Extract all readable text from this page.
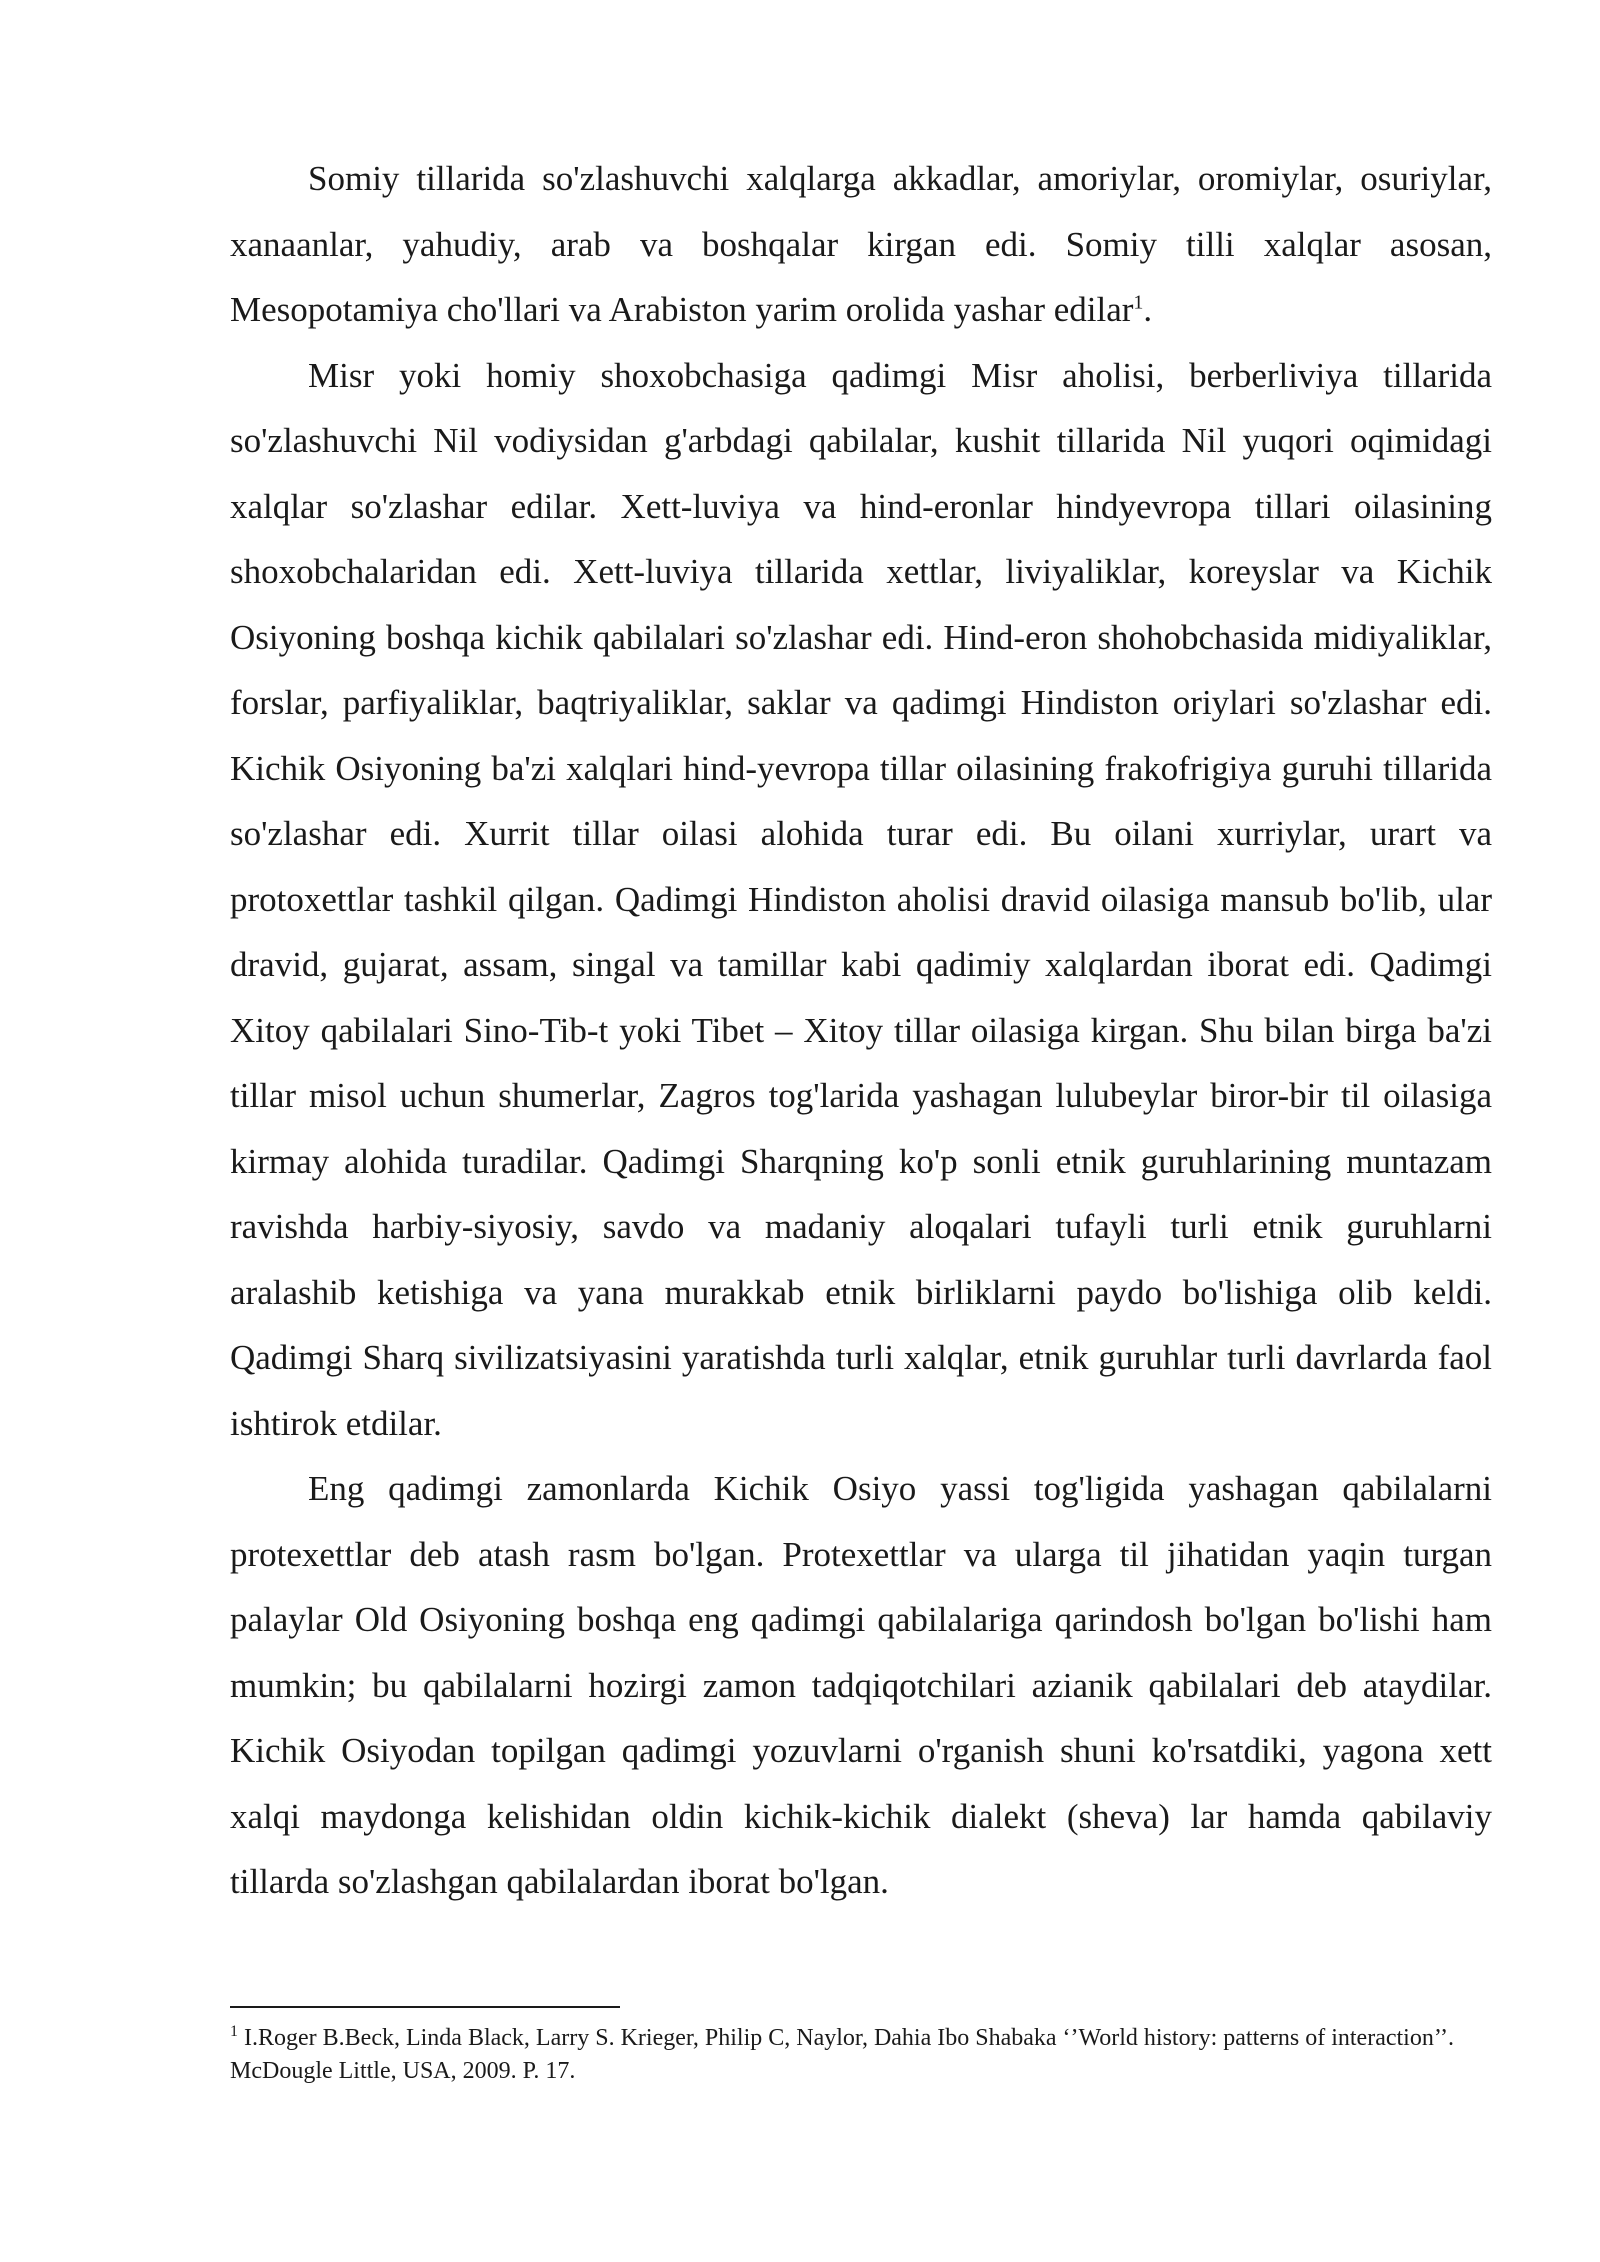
Somiy tillarida so'zlashuvchi xalqlarga akkadlar, amoriylar, oromiylar, osuriylar, xanaanlar, yahudiy, arab va boshqalar kirgan edi. Somiy tilli xalqlar asosan, Mesopotamiya cho'llari va Arabiston yarim orolida yashar edilar$^1$.

Misr yoki homiy shoxobchasiga qadimgi Misr aholisi, berberliviya tillarida so'zlashuvchi Nil vodiysidan g'arbdagi qabilalar, kushit tillarida Nil yuqori oqimidagi xalqlar so'zlashar edilar. Xett-luviya va hind-eronlar hindyevropa tillari oilasining shoxobchalaridan edi. Xett-luviya tillarida xettlar, liviyaliklar, koreyslar va Kichik Osiyoning boshqa kichik qabilalari so'zlashar edi. Hind-eron shohobchasida midiyaliklar, forslar, parfiyaliklar, baqtriyaliklar, saklar va qadimgi Hindiston oriylari so'zlashar edi. Kichik Osiyoning ba'zi xalqlari hind-yevropa tillar oilasining frakofrigiya guruhi tillarida so'zlashar edi. Xurrit tillar oilasi alohida turar edi. Bu oilani xurriylar, urart va protoxettlar tashkil qilgan. Qadimgi Hindiston aholisi dravid oilasiga mansub bo'lib, ular dravid, gujarat, assam, singal va tamillar kabi qadimiy xalqlardan iborat edi. Qadimgi Xitoy qabilalari Sino-Tib-t yoki Tibet – Xitoy tillar oilasiga kirgan. Shu bilan birga ba'zi tillar misol uchun shumerlar, Zagros tog'larida yashagan lulubeylar biror-bir til oilasiga kirmay alohida turadilar. Qadimgi Sharqning ko'p sonli etnik guruhlarining muntazam ravishda harbiy-siyosiy, savdo va madaniy aloqalari tufayli turli etnik guruhlarni aralashib ketishiga va yana murakkab etnik birliklarni paydo bo'lishiga olib keldi. Qadimgi Sharq sivilizatsiyasini yaratishda turli xalqlar, etnik guruhlar turli davrlarda faol ishtirok etdilar.

Eng qadimgi zamonlarda Kichik Osiyo yassi tog'ligida yashagan qabilalarni protexettlar deb atash rasm bo'lgan. Protexettlar va ularga til jihatidan yaqin turgan palaylar Old Osiyoning boshqa eng qadimgi qabilalariga qarindosh bo'lgan bo'lishi ham mumkin; bu qabilalarni hozirgi zamon tadqiqotchilari azianik qabilalari deb ataydilar. Kichik Osiyodan topilgan qadimgi yozuvlarni o'rganish shuni ko'rsatdiki, yagona xett xalqi maydonga kelishidan oldin kichik-kichik dialekt (sheva) lar hamda qabilaviy tillarda so'zlashgan qabilalardan iborat bo'lgan.

$^1$ I.Roger B.Beck, Linda Black, Larry S. Krieger, Philip C, Naylor, Dahia Ibo Shabaka ‘’World history: patterns of interaction’’. McDougle Little, USA, 2009. P. 17.
